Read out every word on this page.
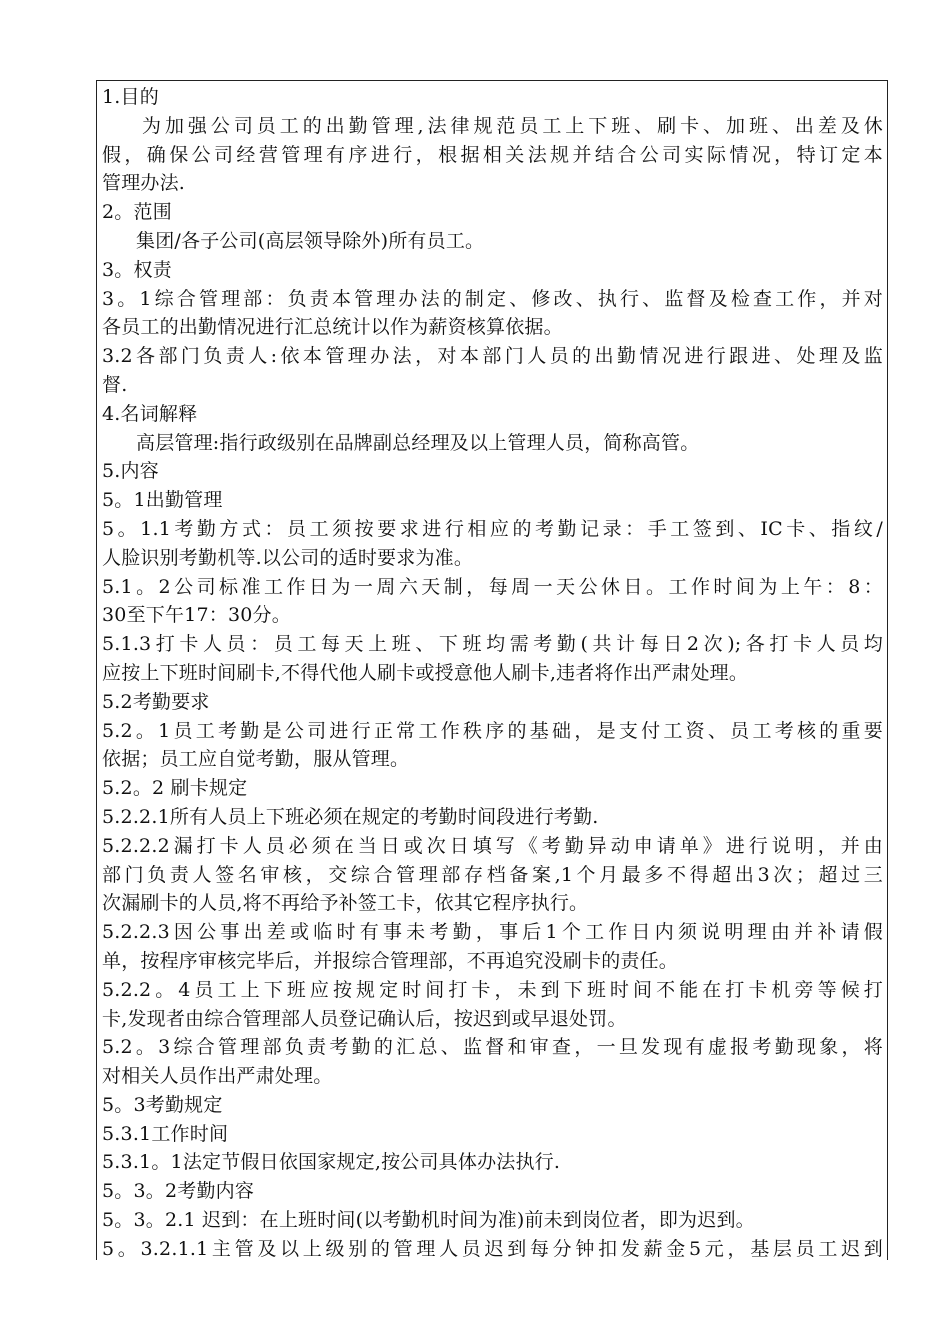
1.目的
为加强公司员工的出勤管理,法律规范员工上下班、刷卡、加班、出差及休
假，确保公司经营管理有序进行，根据相关法规并结合公司实际情况，特订定本
管理办法.
2。范围
集团/各子公司(高层领导除外)所有员工。
3。权责
3。1综合管理部：负责本管理办法的制定、修改、执行、监督及检查工作，并对
各员工的出勤情况进行汇总统计以作为薪资核算依据。
3.2各部门负责人:依本管理办法，对本部门人员的出勤情况进行跟进、处理及监
督.
4.名词解释
高层管理:指行政级别在品牌副总经理及以上管理人员，简称高管。
5.内容
5。1出勤管理
5。1.1考勤方式：员工须按要求进行相应的考勤记录：手工签到、IC卡、指纹/
人脸识别考勤机等.以公司的适时要求为准。
5.1。2公司标准工作日为一周六天制，每周一天公休日。工作时间为上午：8：
30至下午17：30分。
5.1.3打卡人员：员工每天上班、下班均需考勤(共计每日2次);各打卡人员均
应按上下班时间刷卡,不得代他人刷卡或授意他人刷卡,违者将作出严肃处理。
5.2考勤要求
5.2。1员工考勤是公司进行正常工作秩序的基础，是支付工资、员工考核的重要
依据；员工应自觉考勤，服从管理。
5.2。2 刷卡规定
5.2.2.1所有人员上下班必须在规定的考勤时间段进行考勤.
5.2.2.2漏打卡人员必须在当日或次日填写《考勤异动申请单》进行说明，并由
部门负责人签名审核，交综合管理部存档备案,1个月最多不得超出3次；超过三
次漏刷卡的人员,将不再给予补签工卡，依其它程序执行。
5.2.2.3因公事出差或临时有事未考勤，事后1个工作日内须说明理由并补请假
单，按程序审核完毕后，并报综合管理部，不再追究没刷卡的责任。
5.2.2。4员工上下班应按规定时间打卡，未到下班时间不能在打卡机旁等候打
卡,发现者由综合管理部人员登记确认后，按迟到或早退处罚。
5.2。3综合管理部负责考勤的汇总、监督和审查，一旦发现有虚报考勤现象，将
对相关人员作出严肃处理。
5。3考勤规定
5.3.1工作时间
5.3.1。1法定节假日依国家规定,按公司具体办法执行.
5。3。2考勤内容
5。3。2.1 迟到：在上班时间(以考勤机时间为准)前未到岗位者，即为迟到。
5。3.2.1.1主管及以上级别的管理人员迟到每分钟扣发薪金5元，基层员工迟到
